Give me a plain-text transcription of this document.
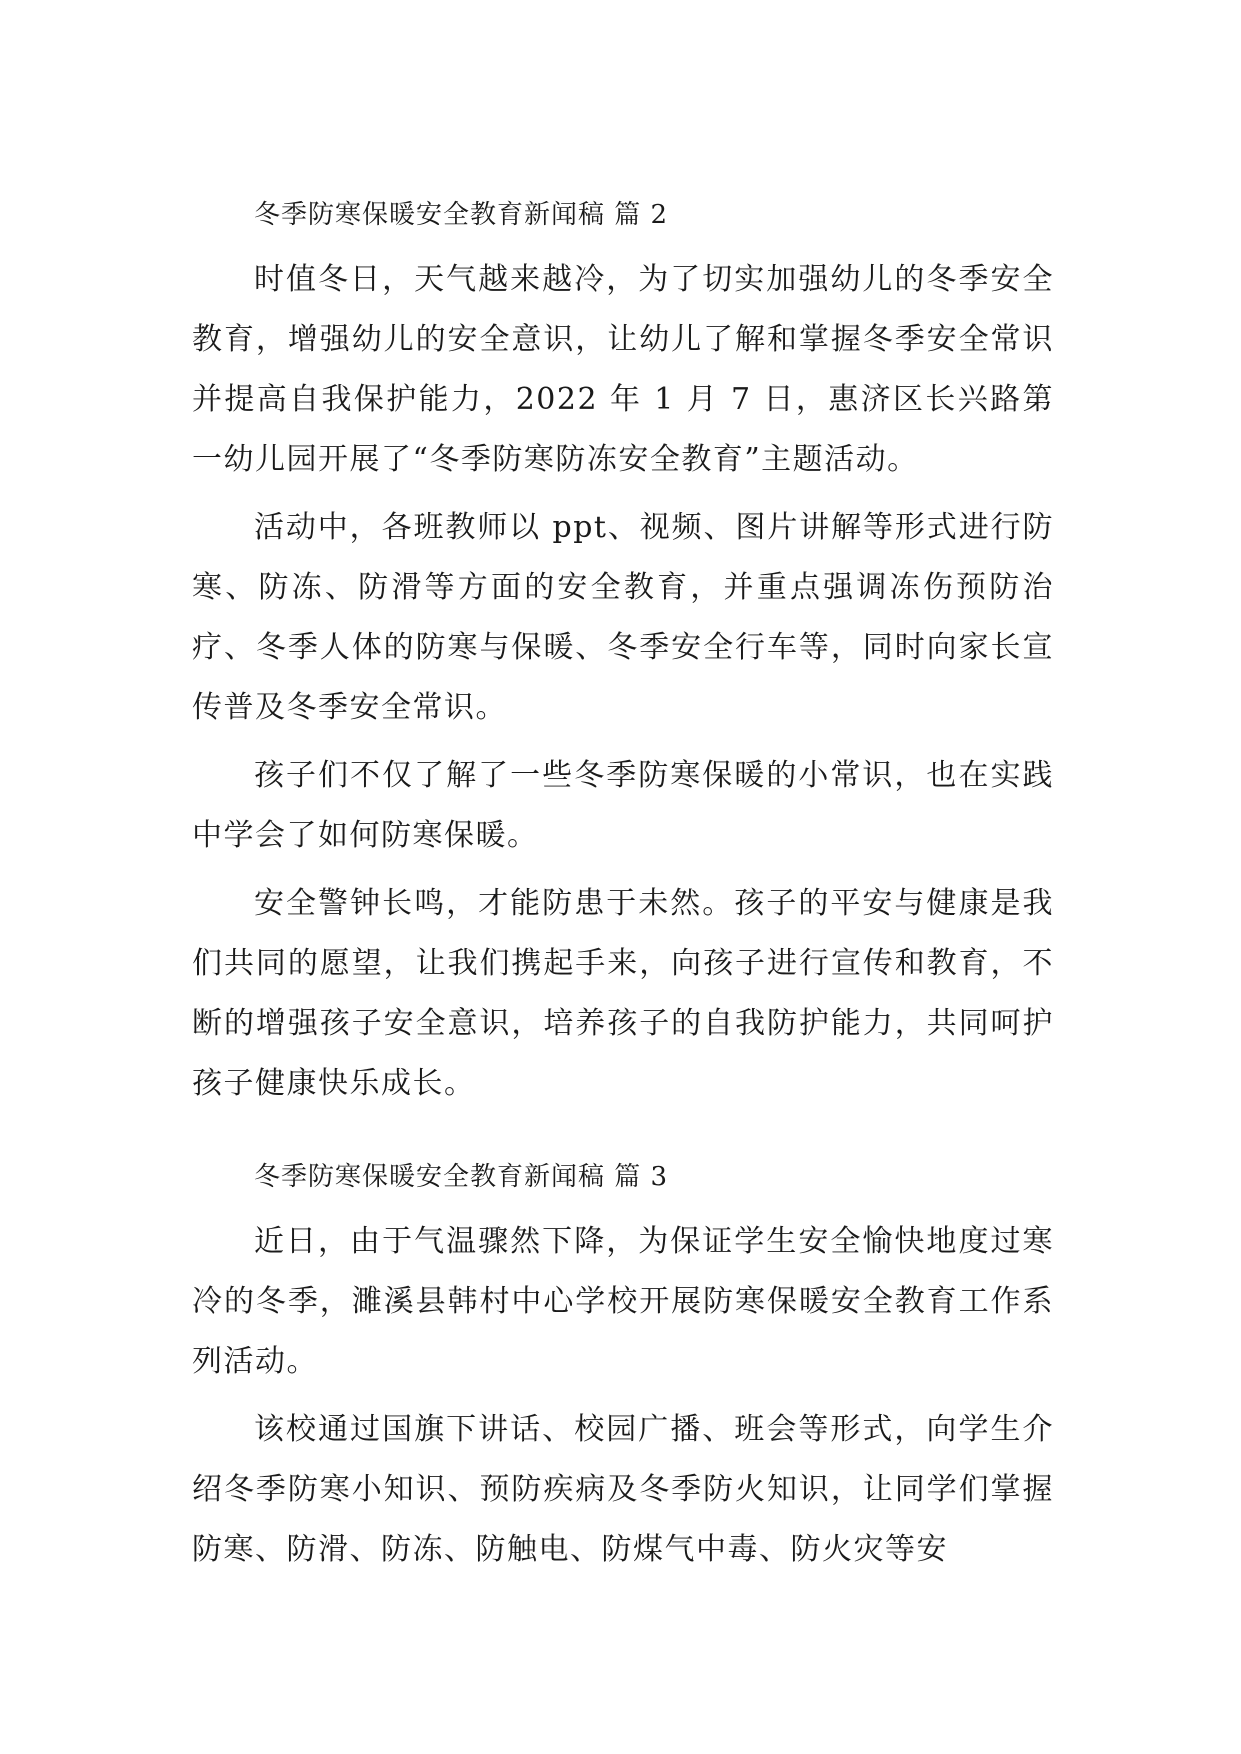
冬季防寒保暖安全教育新闻稿 篇 2

时值冬日，天气越来越冷，为了切实加强幼儿的冬季安全教育，增强幼儿的安全意识，让幼儿了解和掌握冬季安全常识并提高自我保护能力，2022 年 1 月 7 日，惠济区长兴路第一幼儿园开展了“冬季防寒防冻安全教育”主题活动。

活动中，各班教师以 ppt、视频、图片讲解等形式进行防寒、防冻、防滑等方面的安全教育，并重点强调冻伤预防治疗、冬季人体的防寒与保暖、冬季安全行车等，同时向家长宣传普及冬季安全常识。

孩子们不仅了解了一些冬季防寒保暖的小常识，也在实践中学会了如何防寒保暖。

安全警钟长鸣，才能防患于未然。孩子的平安与健康是我们共同的愿望，让我们携起手来，向孩子进行宣传和教育，不断的增强孩子安全意识，培养孩子的自我防护能力，共同呵护孩子健康快乐成长。

冬季防寒保暖安全教育新闻稿 篇 3

近日，由于气温骤然下降，为保证学生安全愉快地度过寒冷的冬季，濉溪县韩村中心学校开展防寒保暖安全教育工作系列活动。

该校通过国旗下讲话、校园广播、班会等形式，向学生介绍冬季防寒小知识、预防疾病及冬季防火知识，让同学们掌握防寒、防滑、防冻、防触电、防煤气中毒、防火灾等安
